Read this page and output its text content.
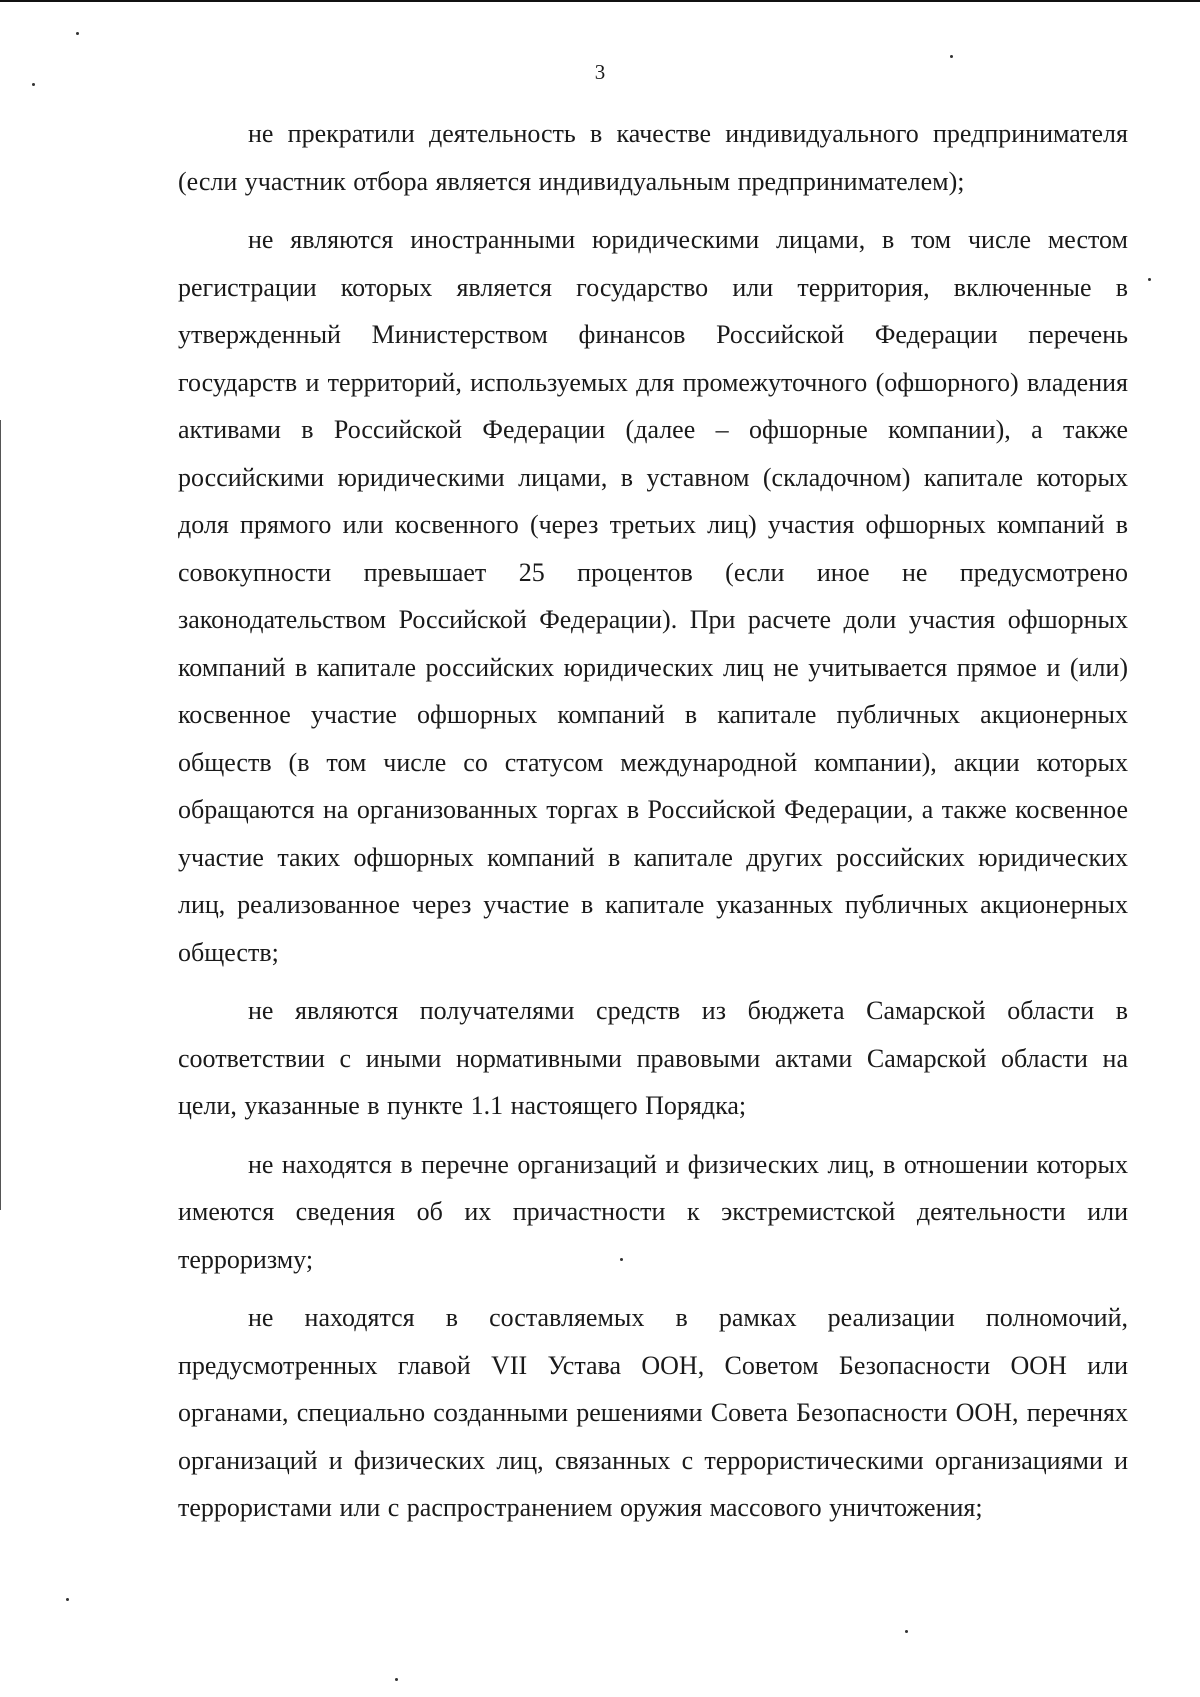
3

не прекратили деятельность в качестве индивидуального предпринимателя (если участник отбора является индивидуальным предпринимателем);

не являются иностранными юридическими лицами, в том числе местом регистрации которых является государство или территория, включенные в утвержденный Министерством финансов Российской Федерации перечень государств и территорий, используемых для промежуточного (офшорного) владения активами в Российской Федерации (далее – офшорные компании), а также российскими юридическими лицами, в уставном (складочном) капитале которых доля прямого или косвенного (через третьих лиц) участия офшорных компаний в совокупности превышает 25 процентов (если иное не предусмотрено законодательством Российской Федерации). При расчете доли участия офшорных компаний в капитале российских юридических лиц не учитывается прямое и (или) косвенное участие офшорных компаний в капитале публичных акционерных обществ (в том числе со статусом международной компании), акции которых обращаются на организованных торгах в Российской Федерации, а также косвенное участие таких офшорных компаний в капитале других российских юридических лиц, реализованное через участие в капитале указанных публичных акционерных обществ;

не являются получателями средств из бюджета Самарской области в соответствии с иными нормативными правовыми актами Самарской области на цели, указанные в пункте 1.1 настоящего Порядка;

не находятся в перечне организаций и физических лиц, в отношении которых имеются сведения об их причастности к экстремистской деятельности или терроризму;

не находятся в составляемых в рамках реализации полномочий, предусмотренных главой VII Устава ООН, Советом Безопасности ООН или органами, специально созданными решениями Совета Безопасности ООН, перечнях организаций и физических лиц, связанных с террористическими организациями и террористами или с распространением оружия массового уничтожения;
